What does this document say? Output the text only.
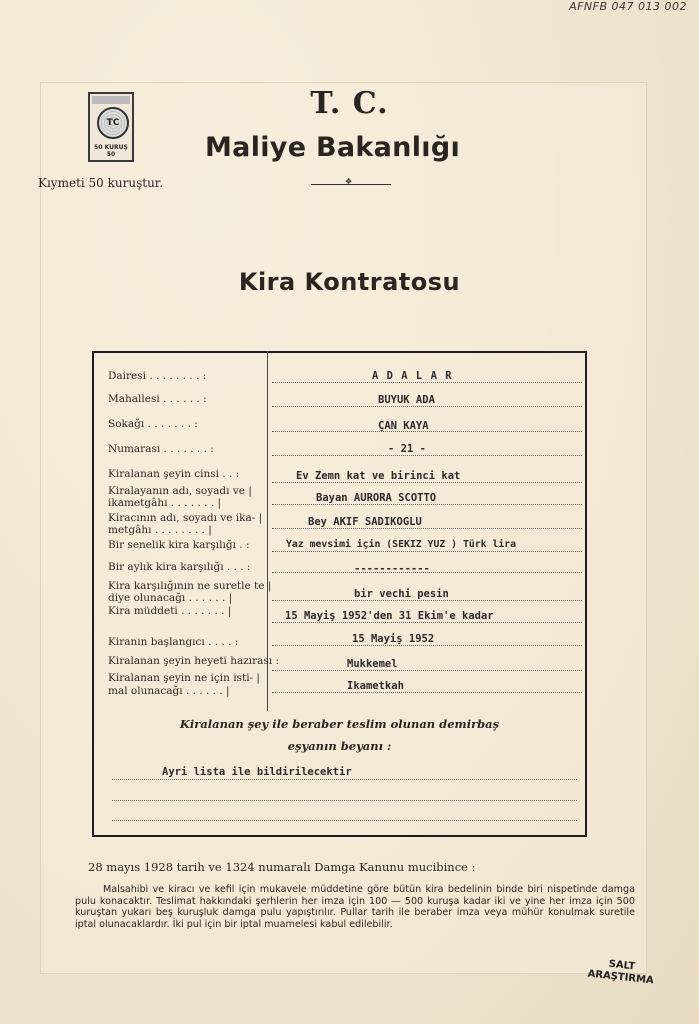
AFNFB 047 013 002
TC
50 KURUŞ 50
T. C.
Maliye Bakanlığı
Kıymeti 50 kuruştur.
❖
Kira Kontratosu
Dairesi . . . . . . . . :	A D A L A R
Mahallesi . . . . . . :	BUYUK ADA
Sokağı . . . . . . . :	ÇAN KAYA
Numarası . . . . . . . :	- 21 -
Kiralanan şeyin cinsi . . :	Ev Zemn kat ve birinci kat
Kiralayanın adı, soyadı ve |
ikametgâhı . . . . . . . |	Bayan AURORA SCOTTO
Kiracının adı, soyadı ve ika- |
metgâhı . . . . . . . . |
Bey AKIF SADIKOGLU
Bir senelik kira karşılığı . :	Yaz mevsimi için (SEKIZ YUZ ) Türk lira
Bir aylık kira karşılığı . . . :	------------
Kira karşılığının ne suretle te |
diye olunacağı . . . . . . |	bir vechi pesin
Kira müddeti . . . . . . . |	15 Mayiş 1952'den 31 Ekim'e kadar
Kiranın başlangıcı . . . . :	15 Mayiş 1952
Kiralanan şeyin heyeti hazırası :	Mukkemel
Kiralanan şeyin ne için isti- |
mal olunacağı . . . . . . |	Ikametkah
Kiralanan şey ile beraber teslim olunan demirbaş
eşyanın beyanı :
Ayri lista ile bildirilecektir
28 mayıs 1928 tarih ve 1324 numaralı Damga Kanunu mucibince :
Malsahibi ve kiracı ve kefil için mukavele müddetine göre bütün kira bedelinin binde biri nispetinde damga pulu konacaktır. Teslimat hakkındaki şerhlerin her imza için 100 — 500 kuruşa kadar iki ve yine her imza için 500 kuruştan yukarı beş kuruşluk damga pulu yapıştırılır. Pullar tarih ile beraber imza veya mühür konulmak suretile iptal olunacaklardır. İki pul için bir iptal muamelesi kabul edilebilir.
SALT
ARAŞTIRMA
